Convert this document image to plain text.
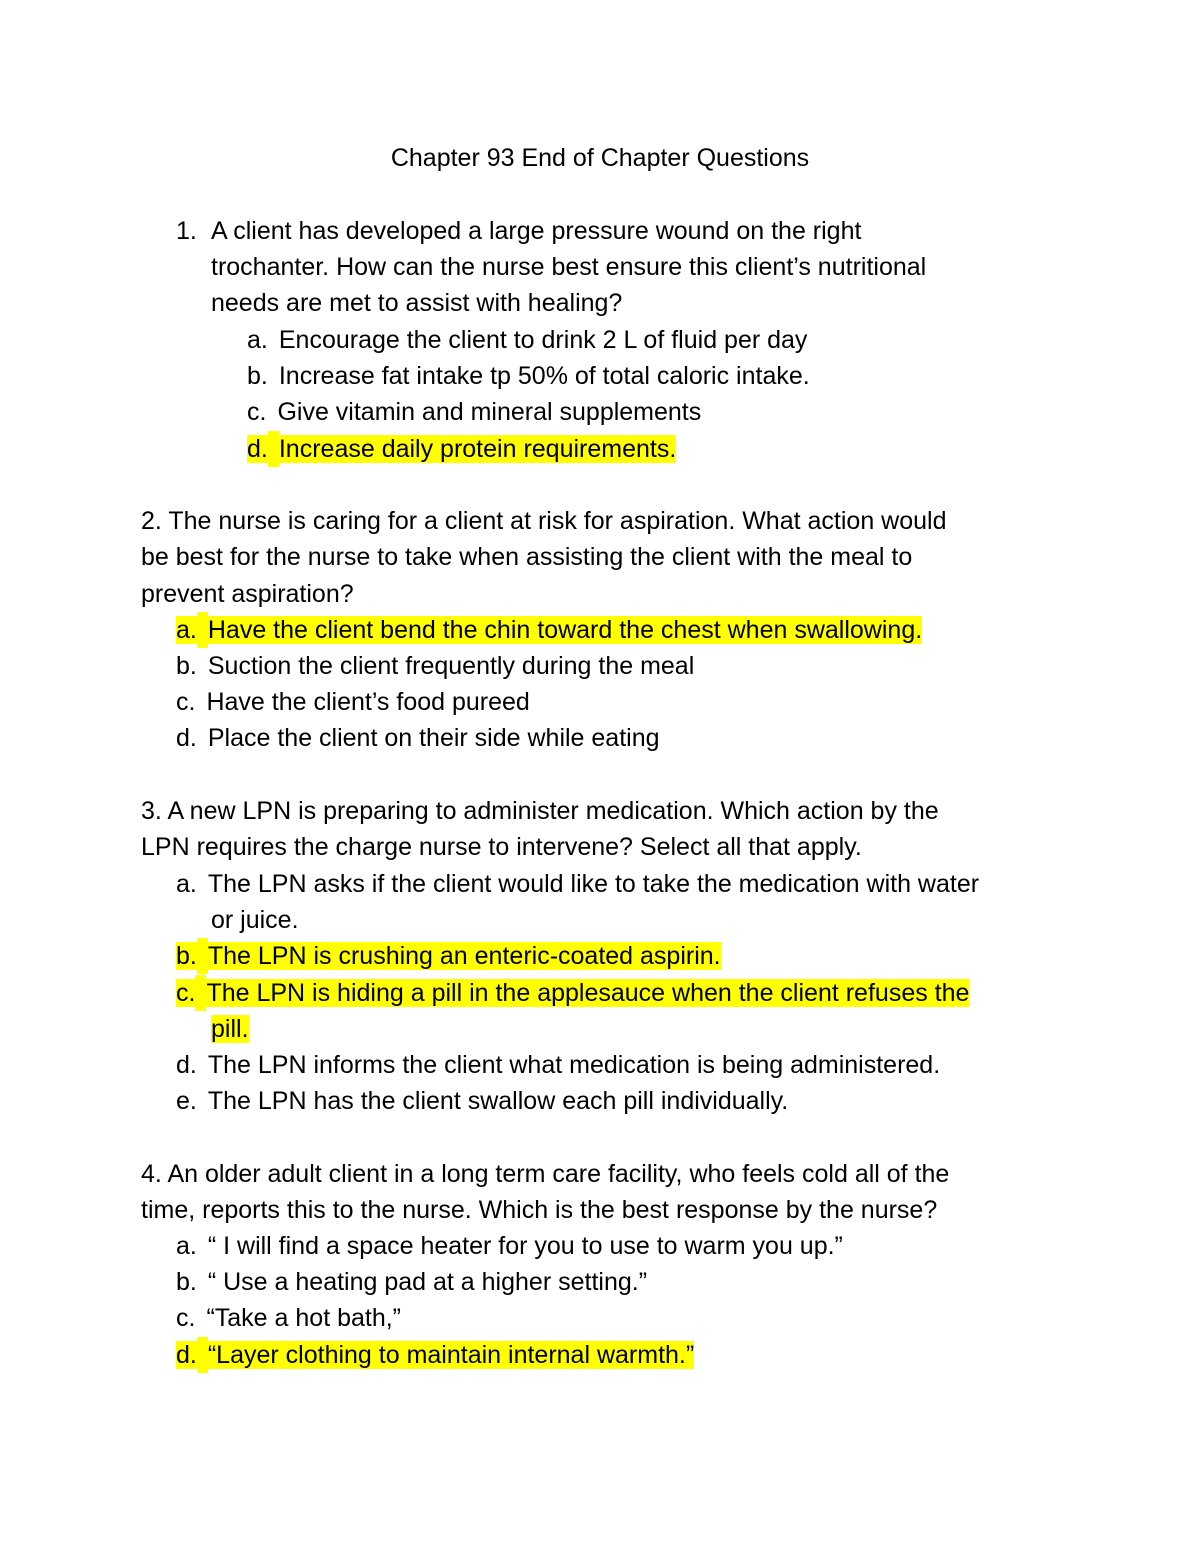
Chapter 93 End of Chapter Questions
1. A client has developed a large pressure wound on the right
trochanter. How can the nurse best ensure this client’s nutritional
needs are met to assist with healing?
a. Encourage the client to drink 2 L of fluid per day
b. Increase fat intake tp 50% of total caloric intake.
c. Give vitamin and mineral supplements
d. Increase daily protein requirements.
2. The nurse is caring for a client at risk for aspiration. What action would
be best for the nurse to take when assisting the client with the meal to
prevent aspiration?
a. Have the client bend the chin toward the chest when swallowing.
b. Suction the client frequently during the meal
c. Have the client’s food pureed
d. Place the client on their side while eating
3. A new LPN is preparing to administer medication. Which action by the
LPN requires the charge nurse to intervene? Select all that apply.
a. The LPN asks if the client would like to take the medication with water
or juice.
b. The LPN is crushing an enteric-coated aspirin.
c. The LPN is hiding a pill in the applesauce when the client refuses the
pill.
d. The LPN informs the client what medication is being administered.
e. The LPN has the client swallow each pill individually.
4. An older adult client in a long term care facility, who feels cold all of the
time, reports this to the nurse. Which is the best response by the nurse?
a. “ I will find a space heater for you to use to warm you up.”
b. “ Use a heating pad at a higher setting.”
c. “Take a hot bath,”
d. “Layer clothing to maintain internal warmth.”
